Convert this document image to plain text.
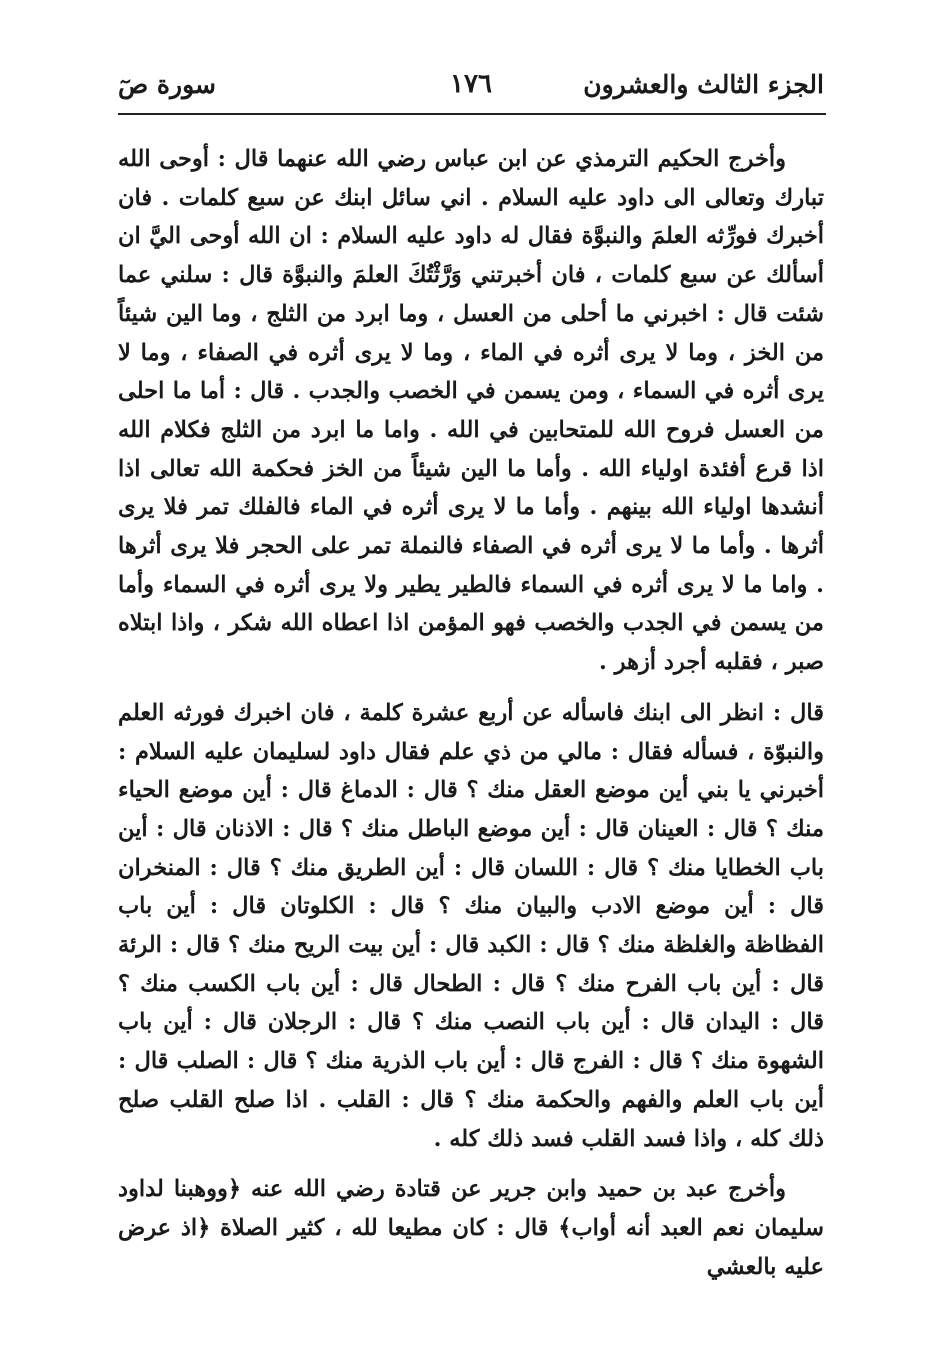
الجزء الثالث والعشرون
١٧٦
سورة صٓ

وأخرج الحكيم الترمذي عن ابن عباس رضي الله عنهما قال : أوحى الله تبارك وتعالى الى داود عليه السلام . اني سائل ابنك عن سبع كلمات . فان أخبرك فورِّثه العلمَ والنبوَّة فقال له داود عليه السلام : ان الله أوحى اليَّ ان أسألك عن سبع كلمات ، فان أخبرتني وَرَّثْتُكَ العلمَ والنبوَّة قال : سلني عما شئت قال : اخبرني ما أحلى من العسل ، وما ابرد من الثلج ، وما الين شيئاً من الخز ، وما لا يرى أثره في الماء ، وما لا يرى أثره في الصفاء ، وما لا يرى أثره في السماء ، ومن يسمن في الخصب والجدب . قال : أما ما احلى من العسل فروح الله للمتحابين في الله . واما ما ابرد من الثلج فكلام الله اذا قرع أفئدة اولياء الله . وأما ما الين شيئاً من الخز فحكمة الله تعالى اذا أنشدها اولياء الله بينهم . وأما ما لا يرى أثره في الماء فالفلك تمر فلا يرى أثرها . وأما ما لا يرى أثره في الصفاء فالنملة تمر على الحجر فلا يرى أثرها . واما ما لا يرى أثره في السماء فالطير يطير ولا يرى أثره في السماء وأما من يسمن في الجدب والخصب فهو المؤمن اذا اعطاه الله شكر ، واذا ابتلاه صبر ، فقلبه أجرد أزهر .

قال : انظر الى ابنك فاسأله عن أربع عشرة كلمة ، فان اخبرك فورثه العلم والنبوّة ، فسأله فقال : مالي من ذي علم فقال داود لسليمان عليه السلام : أخبرني يا بني أين موضع العقل منك ؟ قال : الدماغ قال : أين موضع الحياء منك ؟ قال : العينان قال : أين موضع الباطل منك ؟ قال : الاذنان قال : أين باب الخطايا منك ؟ قال : اللسان قال : أين الطريق منك ؟ قال : المنخران قال : أين موضع الادب والبيان منك ؟ قال : الكلوتان قال : أين باب الفظاظة والغلظة منك ؟ قال : الكبد قال : أين بيت الريح منك ؟ قال : الرئة قال : أين باب الفرح منك ؟ قال : الطحال قال : أين باب الكسب منك ؟ قال : اليدان قال : أين باب النصب منك ؟ قال : الرجلان قال : أين باب الشهوة منك ؟ قال : الفرج قال : أين باب الذرية منك ؟ قال : الصلب قال : أين باب العلم والفهم والحكمة منك ؟ قال : القلب . اذا صلح القلب صلح ذلك كله ، واذا فسد القلب فسد ذلك كله .

وأخرج عبد بن حميد وابن جرير عن قتادة رضي الله عنه ﴿ووهبنا لداود سليمان نعم العبد أنه أواب﴾ قال : كان مطيعا لله ، كثير الصلاة ﴿اذ عرض عليه بالعشي
